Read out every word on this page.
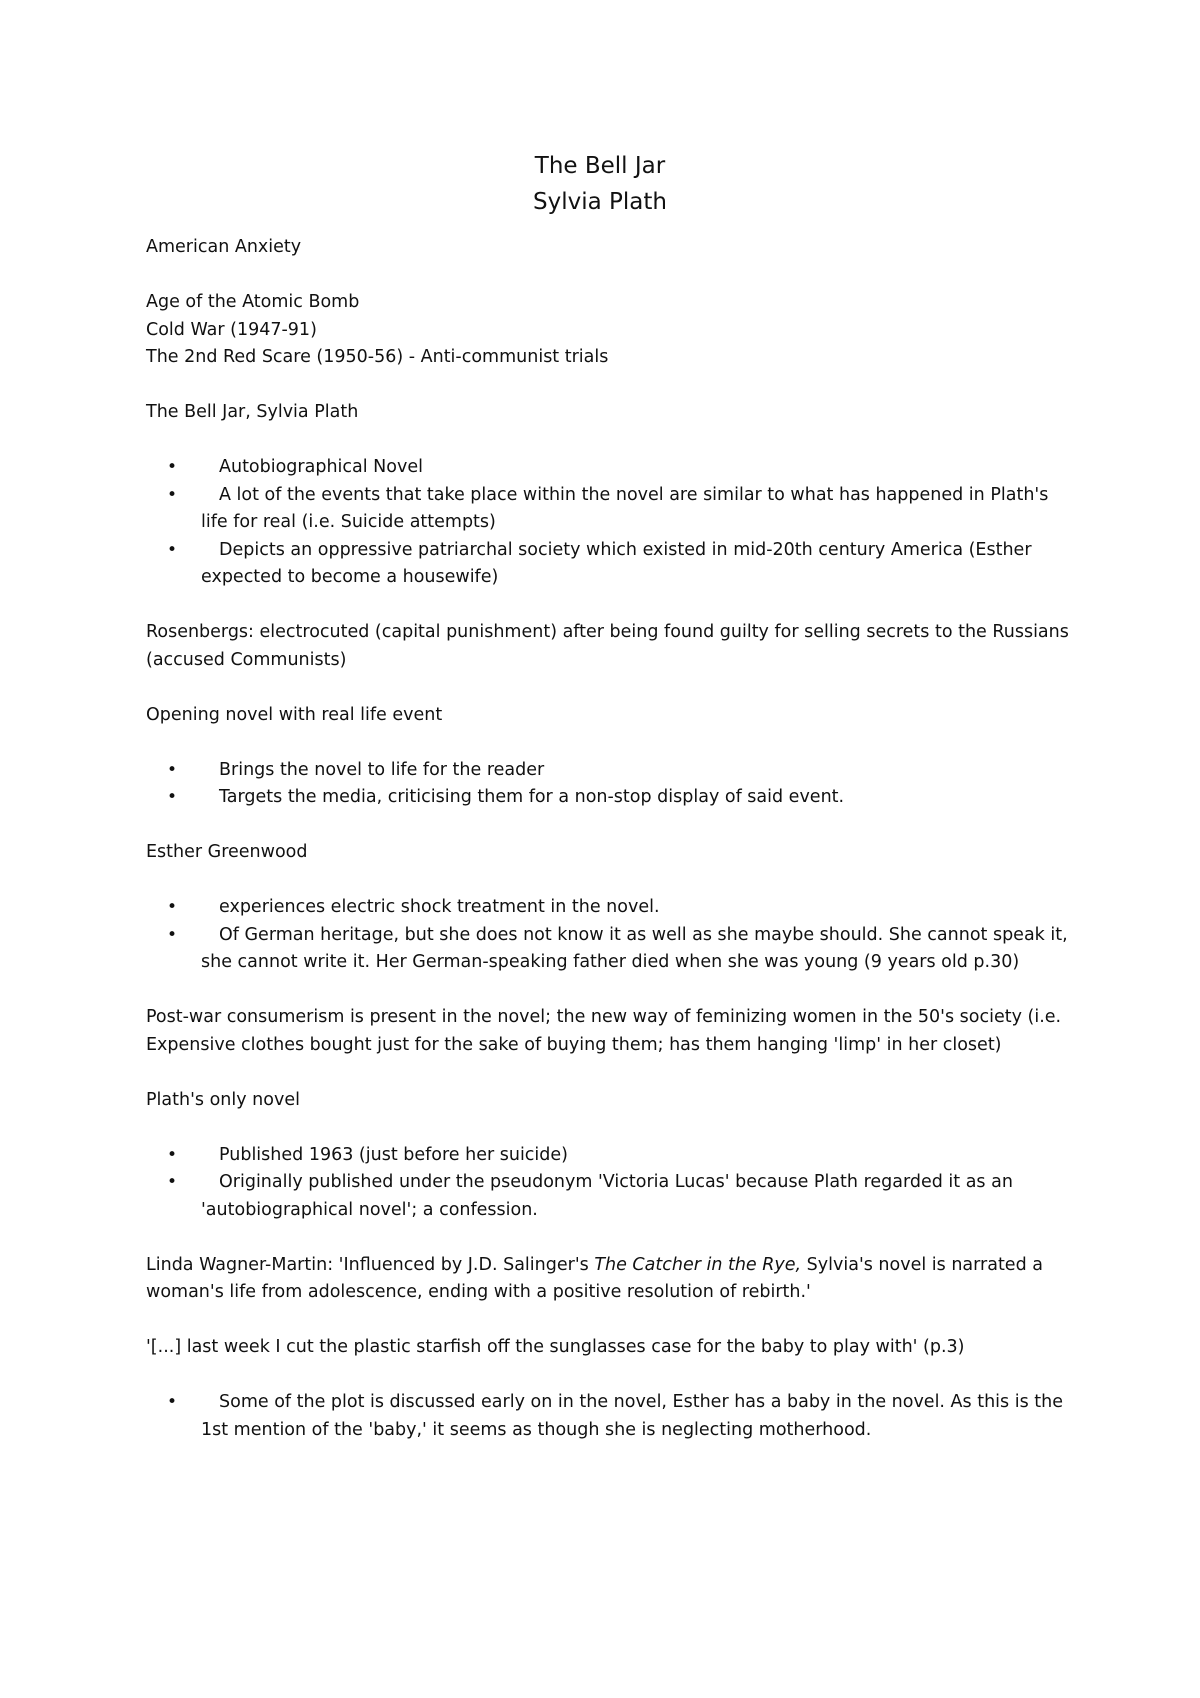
The Bell Jar
Sylvia Plath

American Anxiety

Age of the Atomic Bomb
Cold War (1947-91)
The 2nd Red Scare (1950-56) - Anti-communist trials

The Bell Jar, Sylvia Plath

•	Autobiographical Novel
•	A lot of the events that take place within the novel are similar to what has happened in Plath's life for real (i.e. Suicide attempts)
•	Depicts an oppressive patriarchal society which existed in mid-20th century America (Esther expected to become a housewife)

Rosenbergs: electrocuted (capital punishment) after being found guilty for selling secrets to the Russians (accused Communists)

Opening novel with real life event

•	Brings the novel to life for the reader
•	Targets the media, criticising them for a non-stop display of said event.

Esther Greenwood

•	experiences electric shock treatment in the novel.
•	Of German heritage, but she does not know it as well as she maybe should. She cannot speak it, she cannot write it. Her German-speaking father died when she was young (9 years old p.30)

Post-war consumerism is present in the novel; the new way of feminizing women in the 50's society (i.e. Expensive clothes bought just for the sake of buying them; has them hanging 'limp' in her closet)

Plath's only novel

•	Published 1963 (just before her suicide)
•	Originally published under the pseudonym 'Victoria Lucas' because Plath regarded it as an 'autobiographical novel'; a confession.

Linda Wagner-Martin: 'Influenced by J.D. Salinger's The Catcher in the Rye, Sylvia's novel is narrated a woman's life from adolescence, ending with a positive resolution of rebirth.'

'[...] last week I cut the plastic starfish off the sunglasses case for the baby to play with' (p.3)

•	Some of the plot is discussed early on in the novel, Esther has a baby in the novel. As this is the 1st mention of the 'baby,' it seems as though she is neglecting motherhood.
